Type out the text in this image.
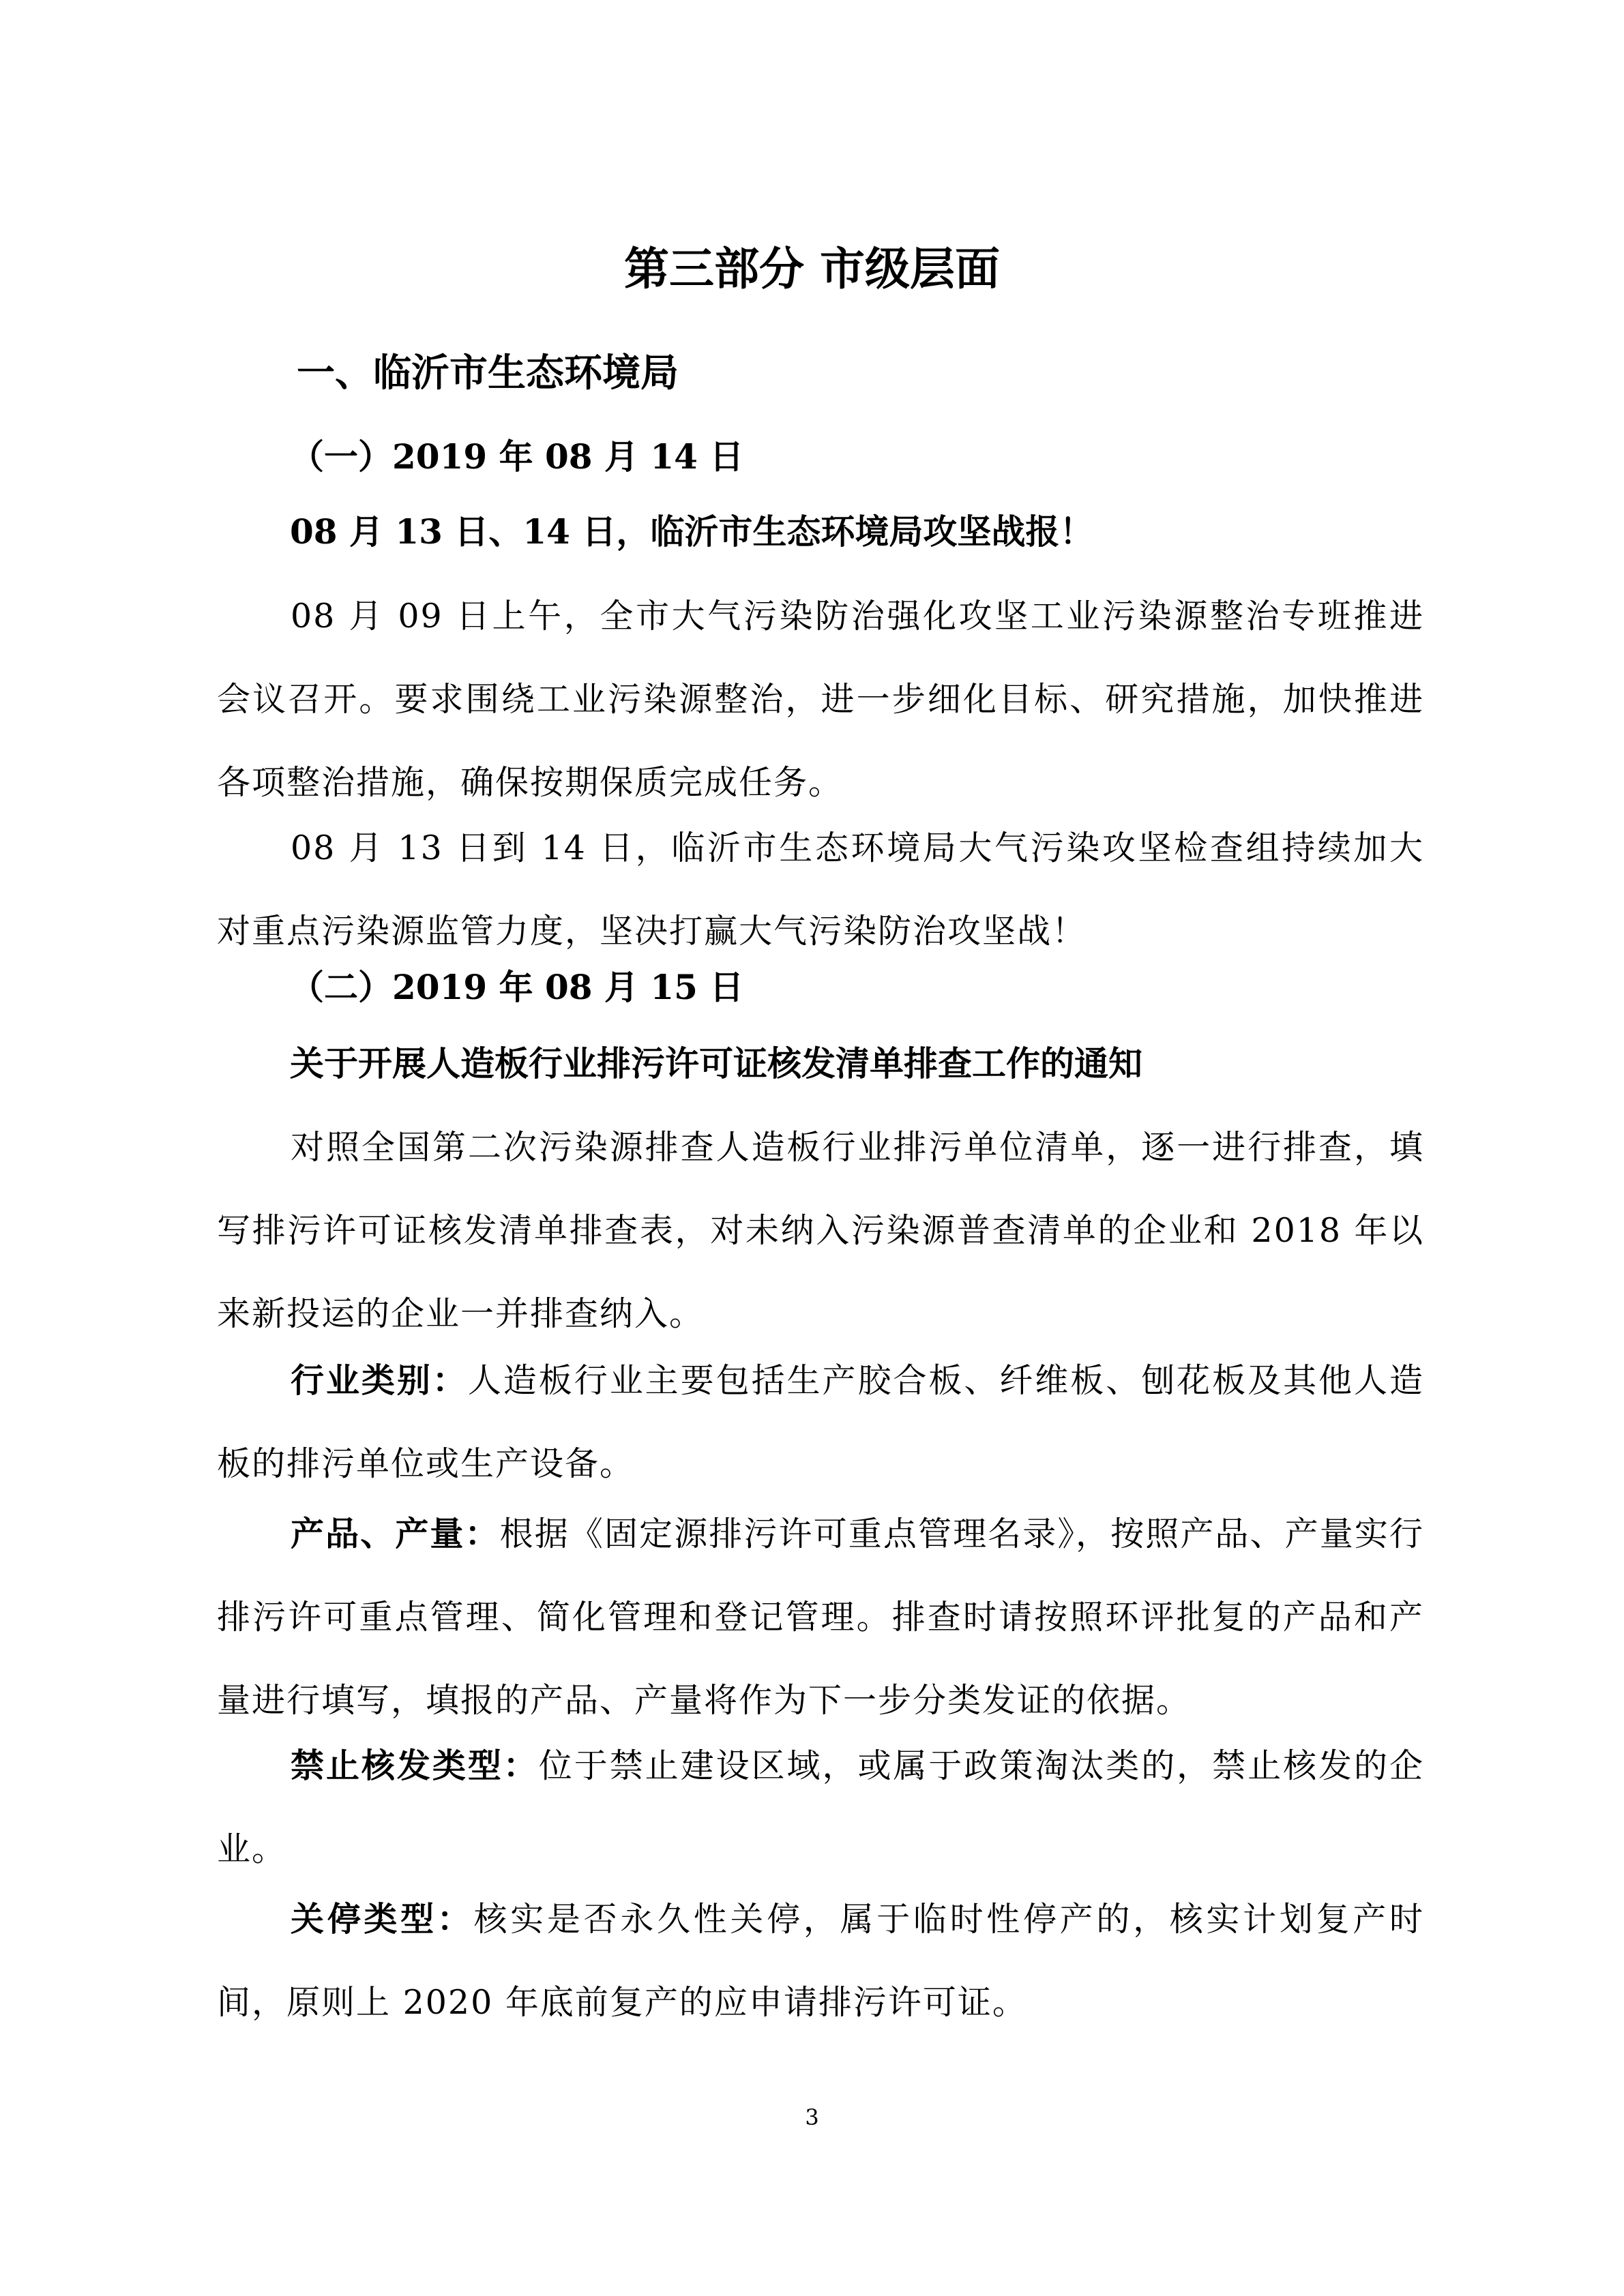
第三部分 市级层面
一、临沂市生态环境局
（一）2019 年 08 月 14 日
08 月 13 日、14 日，临沂市生态环境局攻坚战报！

08 月 09 日上午，全市大气污染防治强化攻坚工业污染源整治专班推进会议召开。要求围绕工业污染源整治，进一步细化目标、研究措施，加快推进各项整治措施，确保按期保质完成任务。

08 月 13 日到 14 日，临沂市生态环境局大气污染攻坚检查组持续加大对重点污染源监管力度，坚决打赢大气污染防治攻坚战！

（二）2019 年 08 月 15 日
关于开展人造板行业排污许可证核发清单排查工作的通知

对照全国第二次污染源排查人造板行业排污单位清单，逐一进行排查，填写排污许可证核发清单排查表，对未纳入污染源普查清单的企业和 2018 年以来新投运的企业一并排查纳入。

行业类别：人造板行业主要包括生产胶合板、纤维板、刨花板及其他人造板的排污单位或生产设备。

产品、产量：根据《固定源排污许可重点管理名录》，按照产品、产量实行排污许可重点管理、简化管理和登记管理。排查时请按照环评批复的产品和产量进行填写，填报的产品、产量将作为下一步分类发证的依据。

禁止核发类型：位于禁止建设区域，或属于政策淘汰类的，禁止核发的企业。

关停类型：核实是否永久性关停，属于临时性停产的，核实计划复产时间，原则上 2020 年底前复产的应申请排污许可证。

3
